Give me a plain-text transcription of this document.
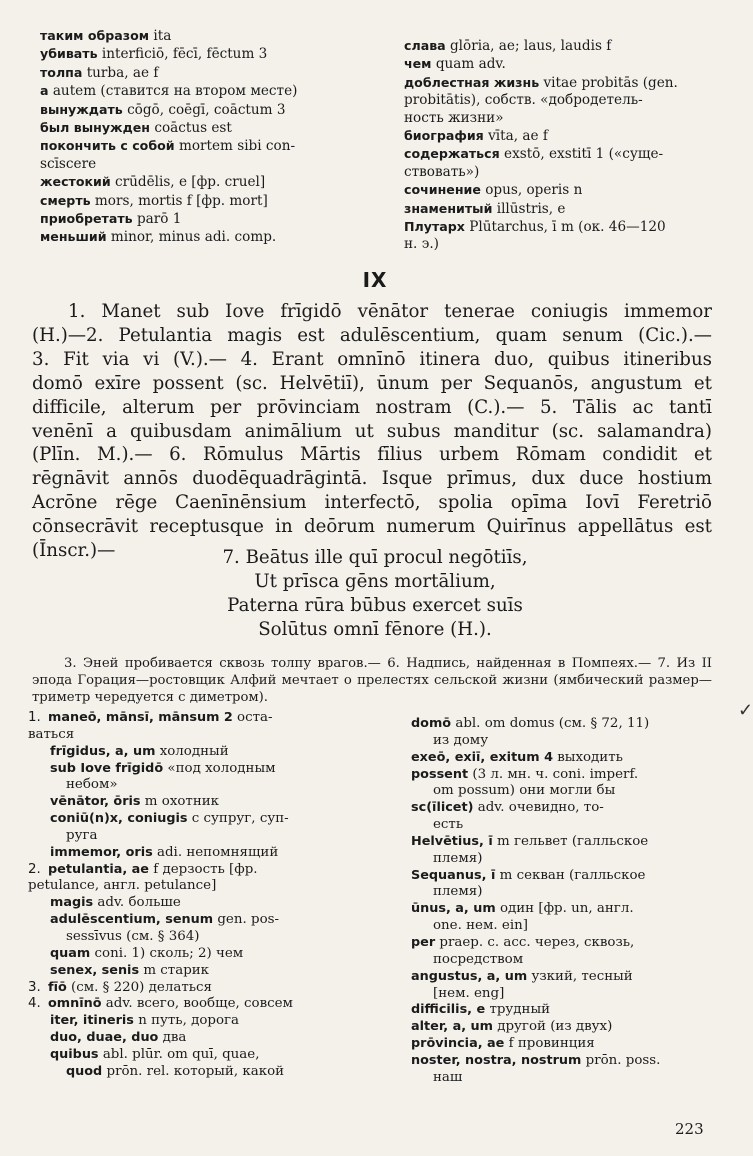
таким образом ita
убивать interficiō, fēcī, fēctum 3
толпа turba, ae f
а autem (ставится на втором месте)
вынуждать cōgō, coēgī, coāctum 3
был вынужден coāctus est
покончить с собой mortem sibi con-
scīscere
жестокий crūdēlis, e [фр. cruel]
смерть mors, mortis f [фр. mort]
приобретать parō 1
меньший minor, minus adi. comp.
слава glōria, ae; laus, laudis f
чем quam adv.
доблестная жизнь vitae probitās (gen.
probitātis), собств. «добродетель-
ность жизни»
биография vīta, ae f
содержаться exstō, exstitī 1 («суще-
ствовать»)
сочинение opus, operis n
знаменитый illūstris, e
Плутарх Plūtarchus, ī m (ок. 46—120
н. э.)
IX
1. Manet sub Iove frīgidō vēnātor tenerae coniugis immemor
(H.)—2. Petulantia magis est adulēscentium, quam senum (Cic.).—
3. Fit via vi (V.).— 4. Erant omnīnō itinera duo, quibus itineribus
domō exīre possent (sc. Helvētiī), ūnum per Sequanōs, angustum et
difficile, alterum per prōvinciam nostram (C.).— 5. Tālis ac tantī
venēnī a quibusdam animālium ut subus manditur (sc. salamandra)
(Plīn. M.).— 6. Rōmulus Mārtis fīlius urbem Rōmam condidit et
rēgnāvit annōs duodēquadrāgintā. Isque prīmus, dux duce hostium
Acrōne rēge Caenīnēnsium interfectō, spolia opīma Iovī Feretriō
cōnsecrāvit receptusque in deōrum numerum Quirīnus appellātus est
(Īnscr.)—	7. Beātus ille quī procul negōtiīs,
Ut prīsca gēns mortālium,
Paterna rūra būbus exercet suīs
Solūtus omnī fēnore (H.).
3. Эней пробивается сквозь толпу врагов.— 6. Надпись, найденная в Помпеях.— 7. Из II эпода Горация—ростовщик Алфий мечтает о прелестях сельской жизни (ямбический размер—триметр чередуется с диметром).
1. maneō, mānsī, mānsum 2 оста-
ваться
frīgidus, a, um холодный
sub Iove frīgidō «под холодным
небом»
vēnātor, ōris m охотник
coniū(n)x, coniugis c супруг, суп-
руга
immemor, oris adi. непомнящий
2. petulantia, ae f дерзость [фр.
petulance, англ. petulance]
magis adv. больше
adulēscentium, senum gen. pos-
sessīvus (см. § 364)
quam coni. 1) сколь; 2) чем
senex, senis m старик
3. fīō (см. § 220) делаться
4. omnīnō adv. всего, вообще, совсем
iter, itineris n путь, дорога
duo, duae, duo два
quibus abl. plūr. om quī, quae,
quod prōn. rel. который, какой
domō abl. om domus (см. § 72, 11)
из дому
exeō, exiī, exitum 4 выходить
possent (3 л. мн. ч. coni. imperf.
om possum) они могли бы
sc(īlicet) adv. очевидно, то-
есть
Helvētius, ī m гельвет (галльское
племя)
Sequanus, ī m секван (галльское
племя)
ūnus, a, um один [фр. un, англ.
one. нем. ein]
per praep. c. acc. через, сквозь,
посредством
angustus, a, um узкий, тесный
[нем. eng]
difficilis, e трудный
alter, a, um другой (из двух)
prōvincia, ae f провинция
noster, nostra, nostrum prōn. poss.
наш
223
✓
